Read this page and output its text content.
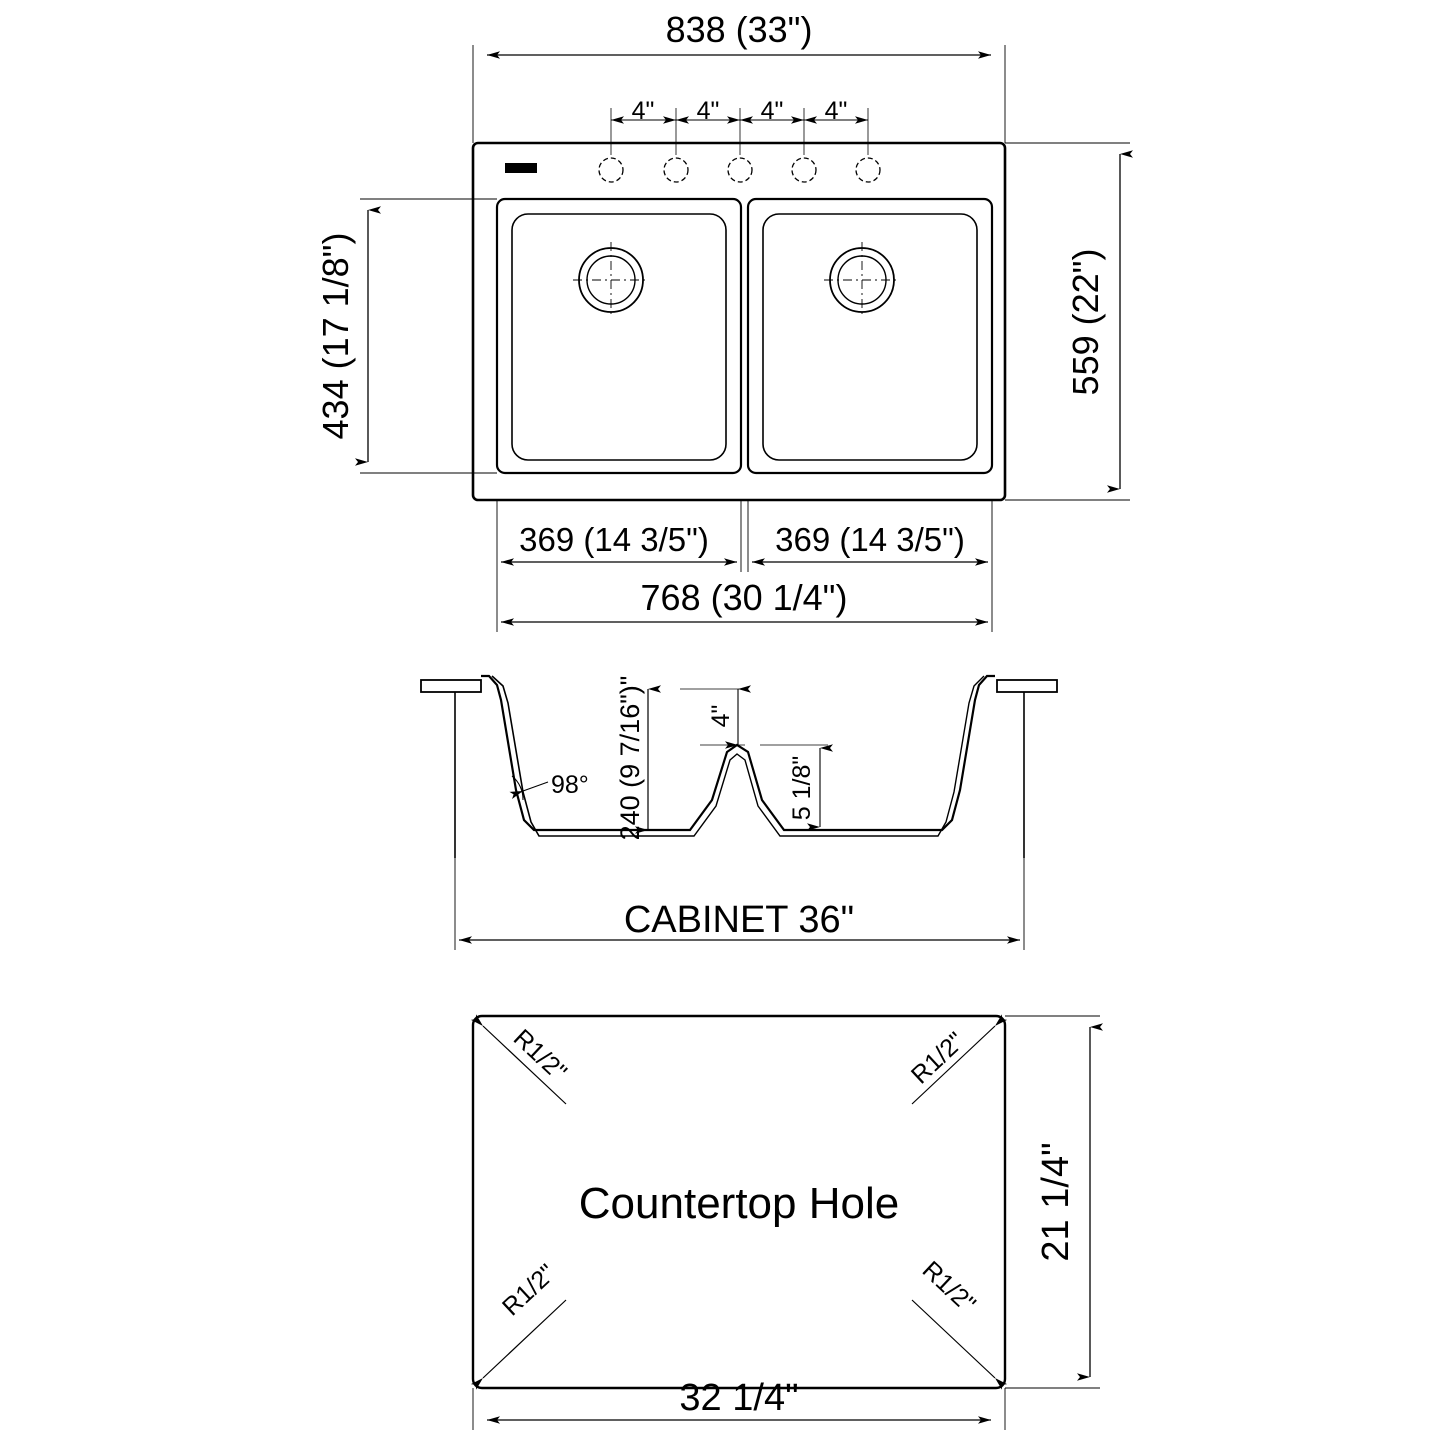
838 (33")
4" 4" 4" 4"
434 (17 1/8")	559 (22")
369 (14 3/5") 369 (14 3/5")
768 (30 1/4")
98° 240 (9 7/16")" 4"
5 1/8"
CABINET 36"
R1/2"	R1/2"
R1/2"	R1/2"
Countertop Hole	21 1/4"
32 1/4"
